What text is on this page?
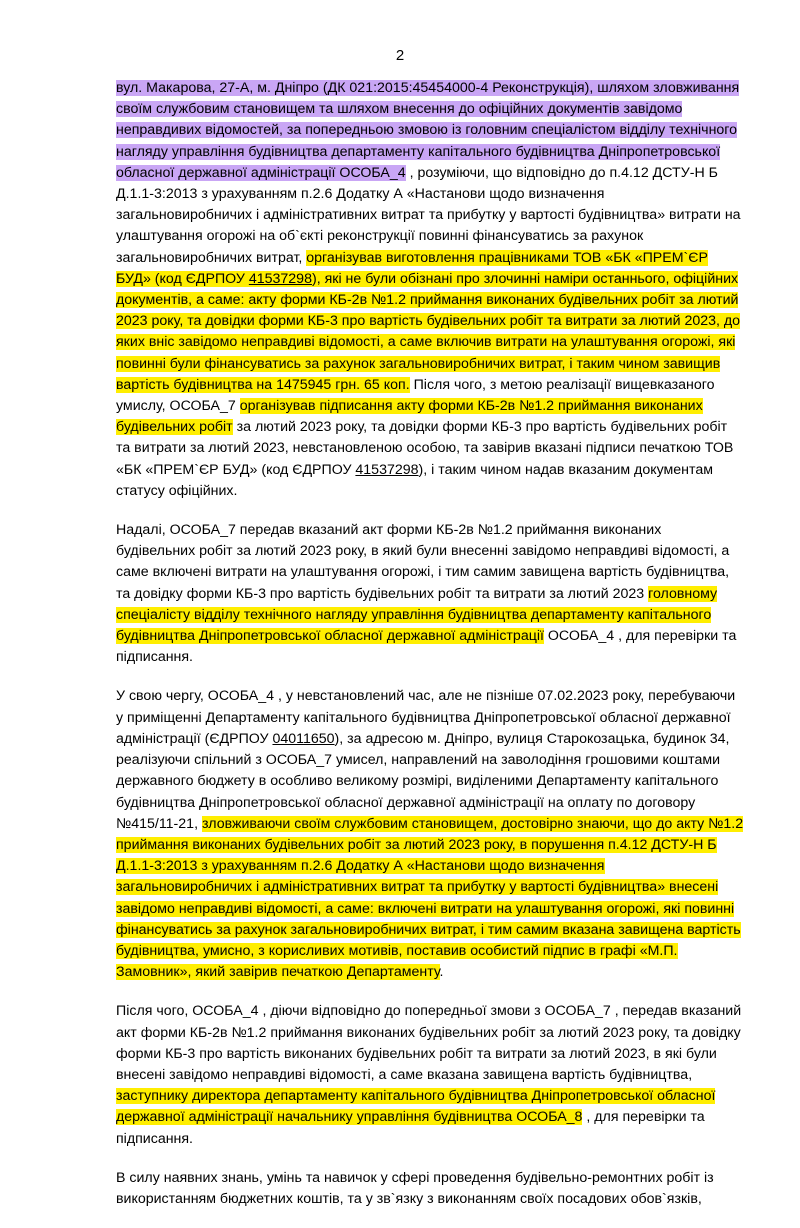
2

вул. Макарова, 27-А, м. Дніпро (ДК 021:2015:45454000-4 Реконструкція), шляхом зловживання своїм службовим становищем та шляхом внесення до офіційних документів завідомо неправдивих відомостей, за попередньою змовою із головним спеціалістом відділу технічного нагляду управління будівництва департаменту капітального будівництва Дніпропетровської обласної державної адміністрації ОСОБА_4 , розуміючи, що відповідно до п.4.12 ДСТУ-Н Б Д.1.1-3:2013 з урахуванням п.2.6 Додатку А «Настанови щодо визначення загальновиробничих і адміністративних витрат та прибутку у вартості будівництва» витрати на улаштування огорожі на об`єкті реконструкції повинні фінансуватись за рахунок загальновиробничих витрат, організував виготовлення працівниками ТОВ «БК «ПРЕМ`ЄР БУД» (код ЄДРПОУ 41537298), які не були обізнані про злочинні наміри останнього, офіційних документів, а саме: акту форми КБ-2в №1.2 приймання виконаних будівельних робіт за лютий 2023 року, та довідки форми КБ-3 про вартість будівельних робіт та витрати за лютий 2023, до яких вніс завідомо неправдиві відомості, а саме включив витрати на улаштування огорожі, які повинні були фінансуватись за рахунок загальновиробничих витрат, і таким чином завищив вартість будівництва на 1475945 грн. 65 коп. Після чого, з метою реалізації вищевказаного умислу, ОСОБА_7 організував підписання акту форми КБ-2в №1.2 приймання виконаних будівельних робіт за лютий 2023 року, та довідки форми КБ-3 про вартість будівельних робіт та витрати за лютий 2023, невстановленою особою, та завірив вказані підписи печаткою ТОВ «БК «ПРЕМ`ЄР БУД» (код ЄДРПОУ 41537298), і таким чином надав вказаним документам статусу офіційних.

Надалі, ОСОБА_7 передав вказаний акт форми КБ-2в №1.2 приймання виконаних будівельних робіт за лютий 2023 року, в який були внесенні завідомо неправдиві відомості, а саме включені витрати на улаштування огорожі, і тим самим завищена вартість будівництва, та довідку форми КБ-3 про вартість будівельних робіт та витрати за лютий 2023 головному спеціалісту відділу технічного нагляду управління будівництва департаменту капітального будівництва Дніпропетровської обласної державної адміністрації ОСОБА_4 , для перевірки та підписання.

У свою чергу, ОСОБА_4 , у невстановлений час, але не пізніше 07.02.2023 року, перебуваючи у приміщенні Департаменту капітального будівництва Дніпропетровської обласної державної адміністрації (ЄДРПОУ 04011650), за адресою м. Дніпро, вулиця Старокозацька, будинок 34, реалізуючи спільний з ОСОБА_7 умисел, направлений на заволодіння грошовими коштами державного бюджету в особливо великому розмірі, виділеними Департаменту капітального будівництва Дніпропетровської обласної державної адміністрації на оплату по договору №415/11-21, зловживаючи своїм службовим становищем, достовірно знаючи, що до акту №1.2 приймання виконаних будівельних робіт за лютий 2023 року, в порушення п.4.12 ДСТУ-Н Б Д.1.1-3:2013 з урахуванням п.2.6 Додатку А «Настанови щодо визначення загальновиробничих і адміністративних витрат та прибутку у вартості будівництва» внесені завідомо неправдиві відомості, а саме: включені витрати на улаштування огорожі, які повинні фінансуватись за рахунок загальновиробничих витрат, і тим самим вказана завищена вартість будівництва, умисно, з корисливих мотивів, поставив особистий підпис в графі «М.П. Замовник», який завірив печаткою Департаменту.

Після чого, ОСОБА_4 , діючи відповідно до попередньої змови з ОСОБА_7 , передав вказаний акт форми КБ-2в №1.2 приймання виконаних будівельних робіт за лютий 2023 року, та довідку форми КБ-3 про вартість виконаних будівельних робіт та витрати за лютий 2023, в які були внесені завідомо неправдиві відомості, а саме вказана завищена вартість будівництва, заступнику директора департаменту капітального будівництва Дніпропетровської обласної державної адміністрації начальнику управління будівництва ОСОБА_8 , для перевірки та підписання.

В силу наявних знань, умінь та навичок у сфері проведення будівельно-ремонтних робіт із використанням бюджетних коштів, та у зв`язку з виконанням своїх посадових обов`язків,
